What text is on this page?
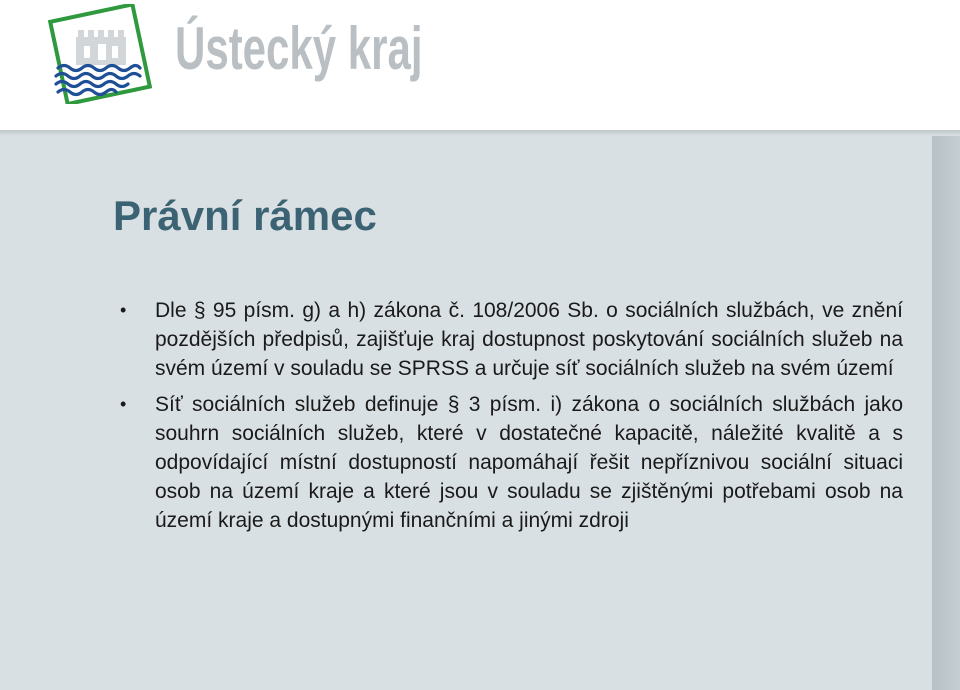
Ústecký kraj
Právní rámec
• Dle § 95 písm. g) a h) zákona č. 108/2006 Sb. o sociálních službách, ve znění pozdějších předpisů, zajišťuje kraj dostupnost poskytování sociálních služeb na svém území v souladu se SPRSS a určuje síť sociálních služeb na svém území
• Síť sociálních služeb definuje § 3 písm. i) zákona o sociálních službách jako souhrn sociálních služeb, které v dostatečné kapacitě, náležité kvalitě a s odpovídající místní dostupností napomáhají řešit nepříznivou sociální situaci osob na území kraje a které jsou v souladu se zjištěnými potřebami osob na území kraje a dostupnými finančními a jinými zdroji
